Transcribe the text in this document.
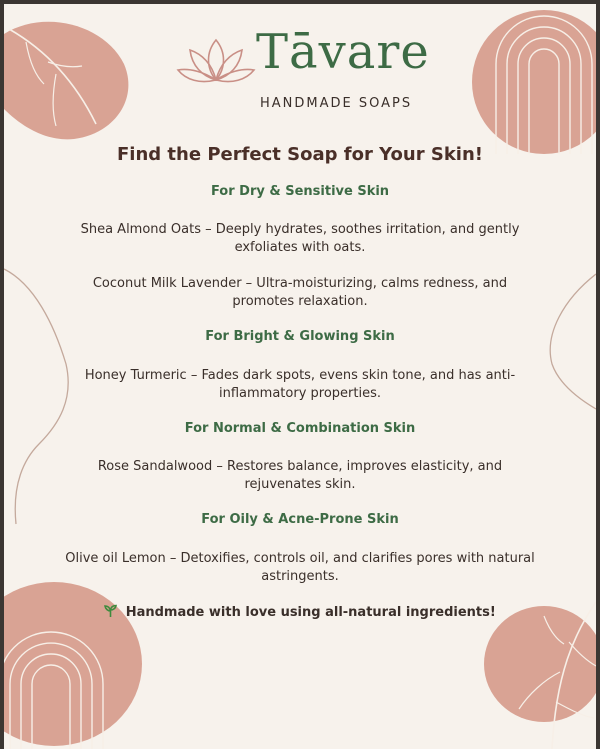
Tāvare
HANDMADE SOAPS
Find the Perfect Soap for Your Skin!
For Dry & Sensitive Skin
Shea Almond Oats – Deeply hydrates, soothes irritation, and gently exfoliates with oats.
Coconut Milk Lavender – Ultra-moisturizing, calms redness, and promotes relaxation.
For Bright & Glowing Skin
Honey Turmeric – Fades dark spots, evens skin tone, and has anti-inflammatory properties.
For Normal & Combination Skin
Rose Sandalwood – Restores balance, improves elasticity, and rejuvenates skin.
For Oily & Acne-Prone Skin
Olive oil Lemon – Detoxifies, controls oil, and clarifies pores with natural astringents.
Handmade with love using all-natural ingredients!
